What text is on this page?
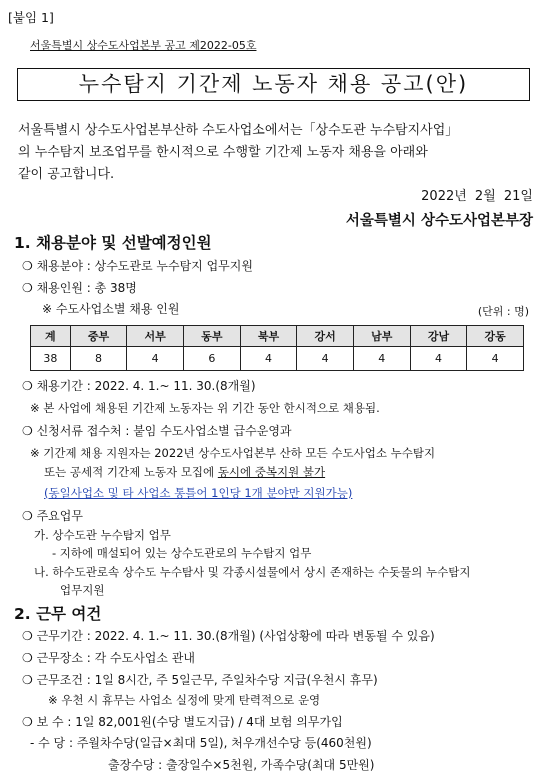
[붙임 1]
서울특별시 상수도사업본부 공고 제2022-05호
누수탐지 기간제 노동자 채용 공고(안)

서울특별시 상수도사업본부산하 수도사업소에서는「상수도관 누수탐지사업」

의 누수탐지 보조업무를 한시적으로 수행할 기간제 노동자 채용을 아래와

같이 공고합니다.

2022년 2월 21일
서울특별시 상수도사업본부장
1. 채용분야 및 선발예정인원
❍ 채용분야 : 상수도관로 누수탐지 업무지원
❍ 채용인원 : 총 38명
※ 수도사업소별 채용 인원	(단위 : 명)
계	중부	서부	동부	북부	강서	남부	강남	강동
38	8	4	6	4	4	4	4	4
❍ 채용기간 : 2022. 4. 1.~ 11. 30.(8개월)
※ 본 사업에 채용된 기간제 노동자는 위 기간 동안 한시적으로 채용됨.
❍ 신청서류 접수처 : 붙임 수도사업소별 급수운영과
※ 기간제 채용 지원자는 2022년 상수도사업본부 산하 모든 수도사업소 누수탐지
또는 공세적 기간제 노동자 모집에 동시에 중복지원 불가
(동일사업소 및 타 사업소 통틀어 1인당 1개 분야만 지원가능)
❍ 주요업무
가. 상수도관 누수탐지 업무
- 지하에 매설되어 있는 상수도관로의 누수탐지 업무
나. 하수도관로속 상수도 누수탐사 및 각종시설물에서 상시 존재하는 수돗물의 누수탐지
업무지원
2. 근무 여건
❍ 근무기간 : 2022. 4. 1.~ 11. 30.(8개월) (사업상황에 따라 변동될 수 있음)
❍ 근무장소 : 각 수도사업소 관내
❍ 근무조건 : 1일 8시간, 주 5일근무, 주일차수당 지급(우천시 휴무)
※ 우천 시 휴무는 사업소 실정에 맞게 탄력적으로 운영
❍ 보 수 : 1일 82,001원(수당 별도지급) / 4대 보험 의무가입
- 수 당 : 주월차수당(일급×최대 5일), 처우개선수당 등(460천원)
출장수당 : 출장일수×5천원, 가족수당(최대 5만원)
